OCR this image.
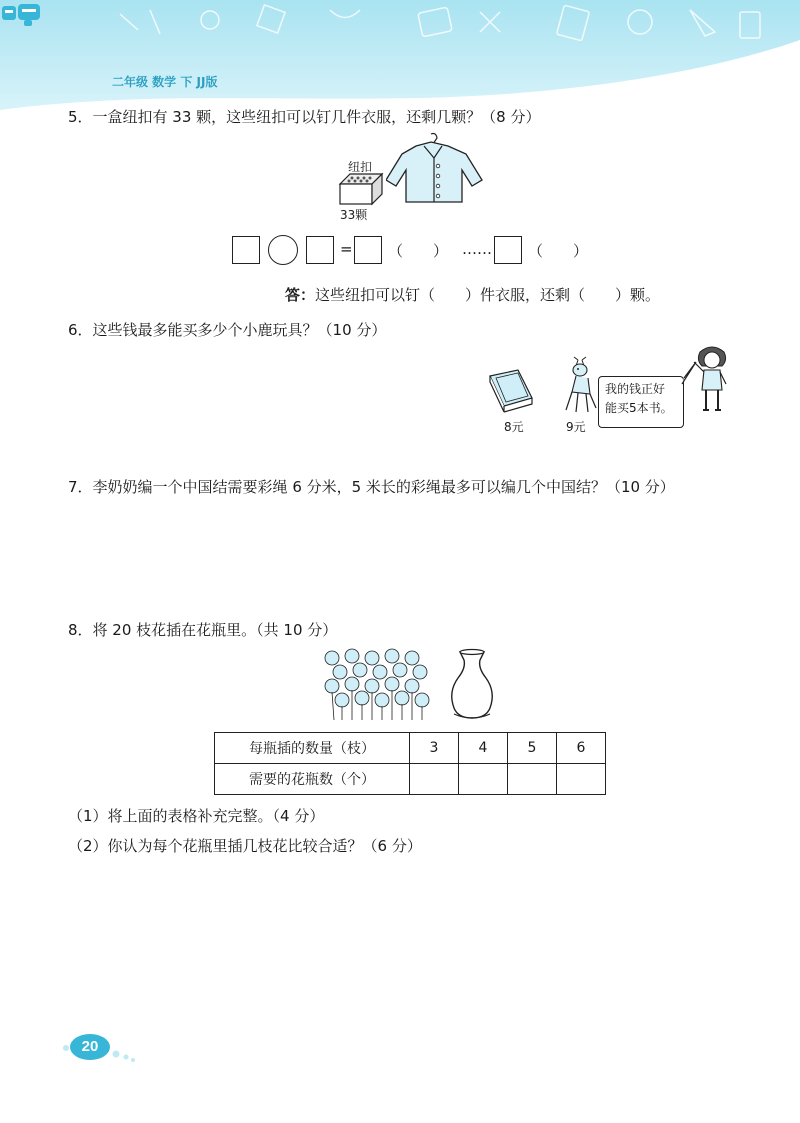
二年级 数学 下 JJ版
5．一盒纽扣有 33 颗，这些纽扣可以钉几件衣服，还剩几颗？（8 分）
纽扣
33颗
= （　　） …… （　　）
答：这些纽扣可以钉（　　）件衣服，还剩（　　）颗。
6．这些钱最多能买多少个小鹿玩具？（10 分）
8元	9元
我的钱正好
能买5本书。
7．李奶奶编一个中国结需要彩绳 6 分米，5 米长的彩绳最多可以编几个中国结？（10 分）
8．将 20 枝花插在花瓶里。（共 10 分）
每瓶插的数量（枝）	3	4	5	6
需要的花瓶数（个）				
（1）将上面的表格补充完整。（4 分）
（2）你认为每个花瓶里插几枝花比较合适？（6 分）
20
